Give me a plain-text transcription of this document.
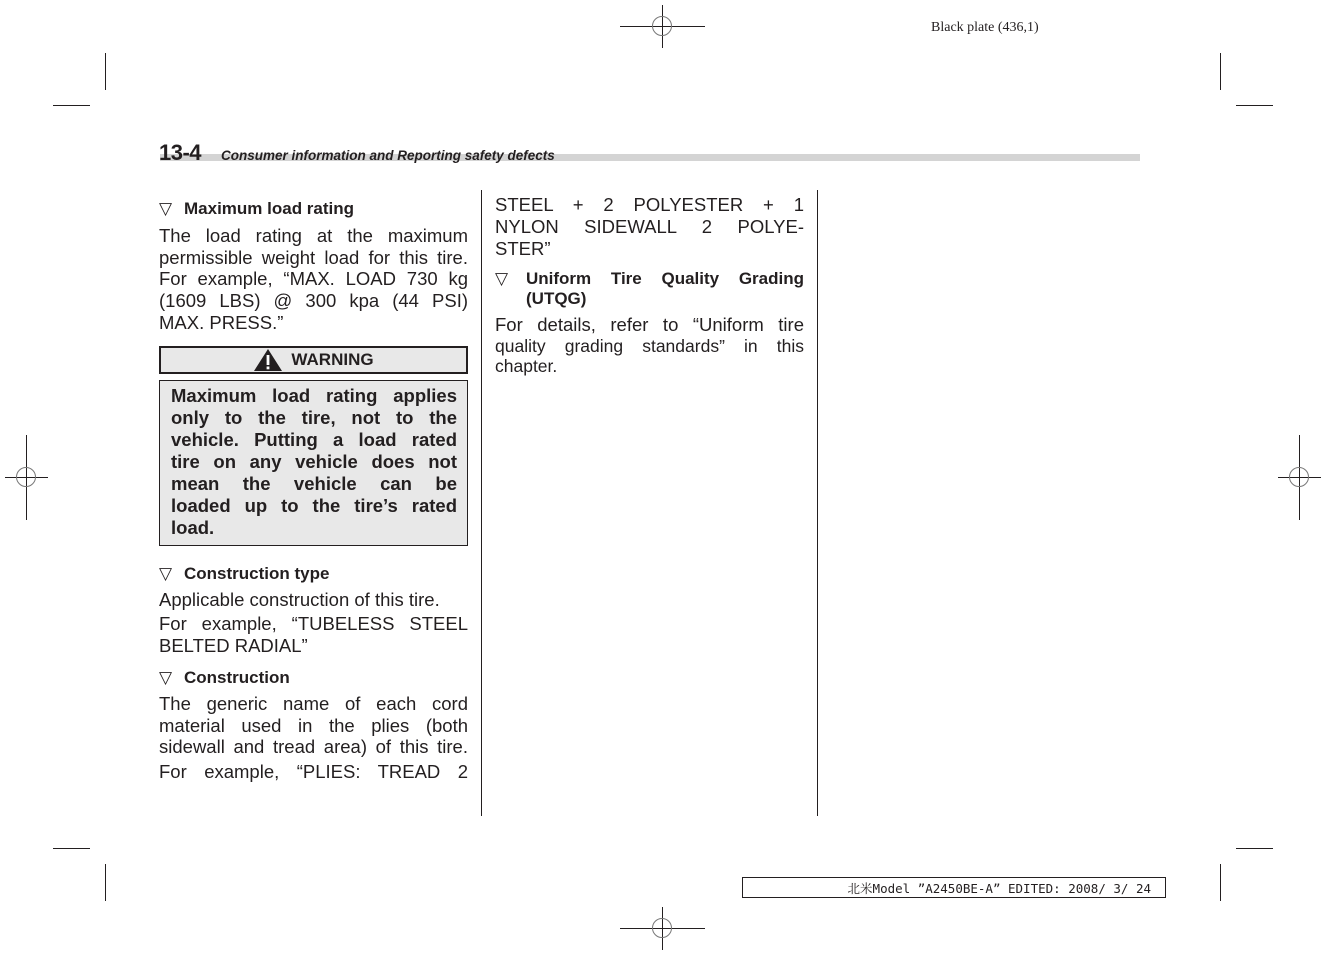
Black plate (436,1)
13-4 Consumer information and Reporting safety defects
▽ Maximum load rating
The load rating at the maximum
permissible weight load for this tire.
For example, “MAX. LOAD 730 kg
(1609 LBS) @ 300 kpa (44 PSI)
MAX. PRESS.”
WARNING
Maximum load rating applies
only to the tire, not to the
vehicle. Putting a load rated
tire on any vehicle does not
mean the vehicle can be
loaded up to the tire’s rated
load.
▽ Construction type
Applicable construction of this tire.
For example, “TUBELESS STEEL
BELTED RADIAL”
▽ Construction
The generic name of each cord
material used in the plies (both
sidewall and tread area) of this tire.
For example, “PLIES: TREAD 2
STEEL + 2 POLYESTER + 1
NYLON SIDEWALL 2 POLYE-
STER”
▽	Uniform Tire Quality Grading
(UTQG)
For details, refer to “Uniform tire
quality grading standards” in this
chapter.
北米Model ”A2450BE-A” EDITED: 2008/ 3/ 24
